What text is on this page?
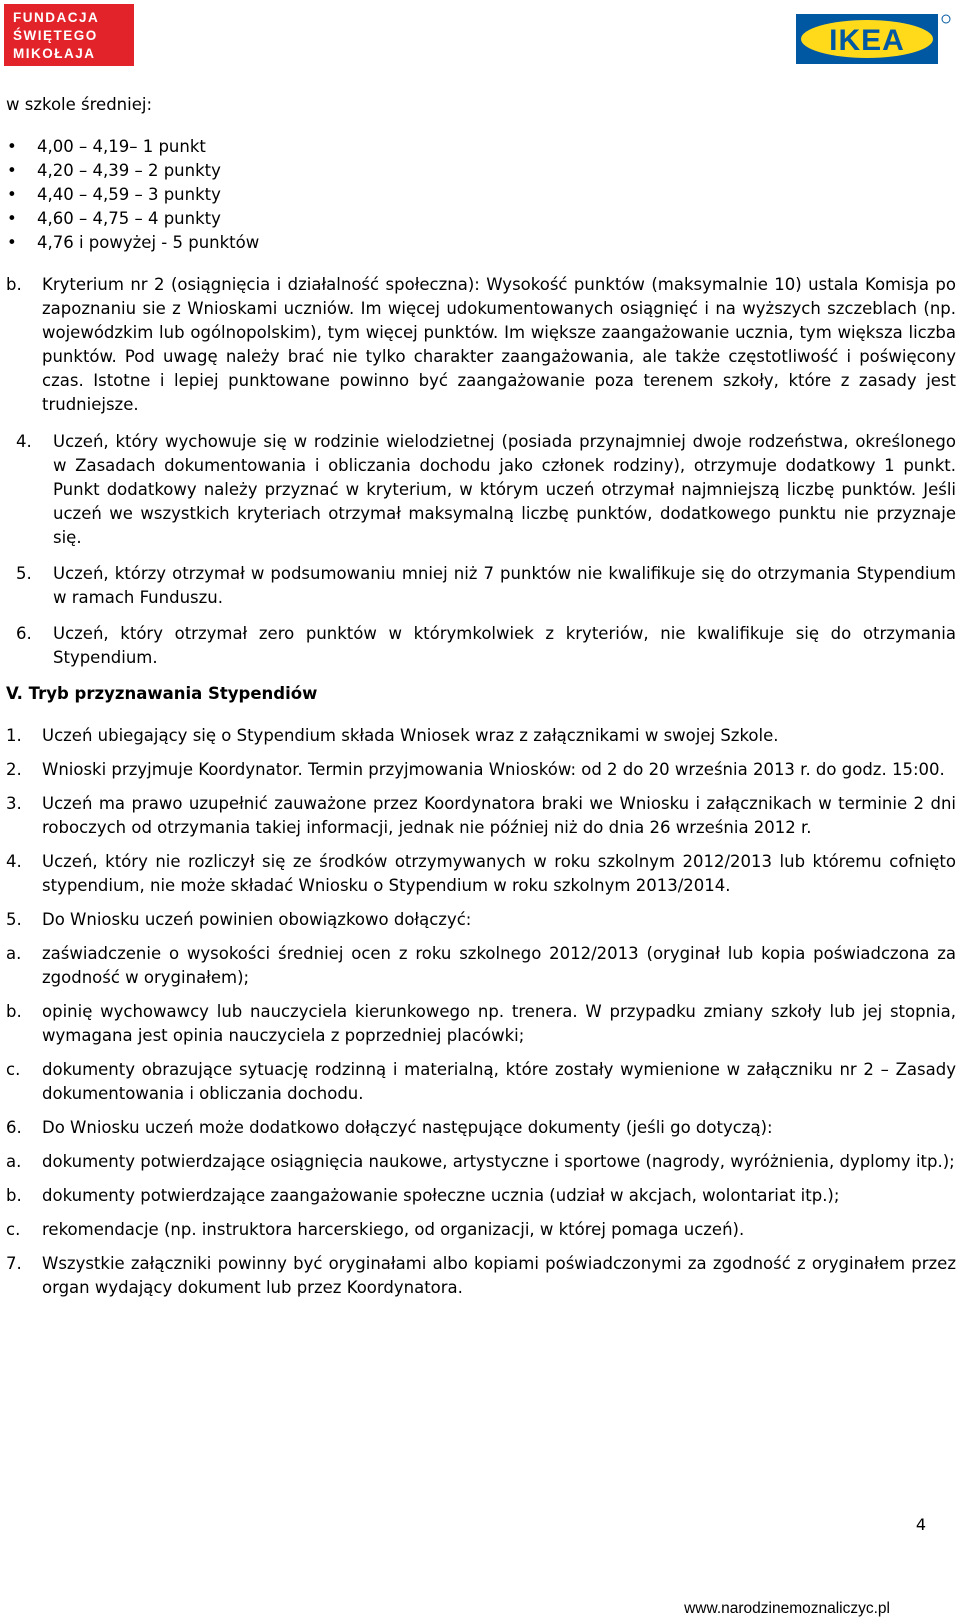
FUNDACJA
ŚWIĘTEGO
MIKOŁAJA	IKEA

w szkole średniej:

• 4,00 – 4,19– 1 punkt
• 4,20 – 4,39 – 2 punkty
• 4,40 – 4,59 – 3 punkty
• 4,60 – 4,75 – 4 punkty
• 4,76 i powyżej - 5 punktów
b. Kryterium nr 2 (osiągnięcia i działalność społeczna): Wysokość punktów (maksymalnie 10) ustala Komisja po zapoznaniu sie z Wnioskami uczniów. Im więcej udokumentowanych osiągnięć i na wyższych szczeblach (np. wojewódzkim lub ogólnopolskim), tym więcej punktów. Im większe zaangażowanie ucznia, tym większa liczba punktów. Pod uwagę należy brać nie tylko charakter zaangażowania, ale także częstotliwość i poświęcony czas. Istotne i lepiej punktowane powinno być zaangażowanie poza terenem szkoły, które z zasady jest trudniejsze.
4. Uczeń, który wychowuje się w rodzinie wielodzietnej (posiada przynajmniej dwoje rodzeństwa, określonego w Zasadach dokumentowania i obliczania dochodu jako członek rodziny), otrzymuje dodatkowy 1 punkt. Punkt dodatkowy należy przyznać w kryterium, w którym uczeń otrzymał najmniejszą liczbę punktów. Jeśli uczeń we wszystkich kryteriach otrzymał maksymalną liczbę punktów, dodatkowego punktu nie przyznaje się.
5. Uczeń, którzy otrzymał w podsumowaniu mniej niż 7 punktów nie kwalifikuje się do otrzymania Stypendium w ramach Funduszu.
6. Uczeń, który otrzymał zero punktów w którymkolwiek z kryteriów, nie kwalifikuje się do otrzymania Stypendium.
V. Tryb przyznawania Stypendiów
1. Uczeń ubiegający się o Stypendium składa Wniosek wraz z załącznikami w swojej Szkole.
2. Wnioski przyjmuje Koordynator. Termin przyjmowania Wniosków: od 2 do 20 września 2013 r. do godz. 15:00.
3. Uczeń ma prawo uzupełnić zauważone przez Koordynatora braki we Wniosku i załącznikach w terminie 2 dni roboczych od otrzymania takiej informacji, jednak nie później niż do dnia 26 września 2012 r.
4. Uczeń, który nie rozliczył się ze środków otrzymywanych w roku szkolnym 2012/2013 lub któremu cofnięto stypendium, nie może składać Wniosku o Stypendium w roku szkolnym 2013/2014.
5. Do Wniosku uczeń powinien obowiązkowo dołączyć:
a. zaświadczenie o wysokości średniej ocen z roku szkolnego 2012/2013 (oryginał lub kopia poświadczona za zgodność w oryginałem);
b. opinię wychowawcy lub nauczyciela kierunkowego np. trenera. W przypadku zmiany szkoły lub jej stopnia, wymagana jest opinia nauczyciela z poprzedniej placówki;
c. dokumenty obrazujące sytuację rodzinną i materialną, które zostały wymienione w załączniku nr 2 – Zasady dokumentowania i obliczania dochodu.
6. Do Wniosku uczeń może dodatkowo dołączyć następujące dokumenty (jeśli go dotyczą):
a. dokumenty potwierdzające osiągnięcia naukowe, artystyczne i sportowe (nagrody, wyróżnienia, dyplomy itp.);
b. dokumenty potwierdzające zaangażowanie społeczne ucznia (udział w akcjach, wolontariat itp.);
c. rekomendacje (np. instruktora harcerskiego, od organizacji, w której pomaga uczeń).
7. Wszystkie załączniki powinny być oryginałami albo kopiami poświadczonymi za zgodność z oryginałem przez organ wydający dokument lub przez Koordynatora.
4
www.narodzinemoznaliczyc.pl
